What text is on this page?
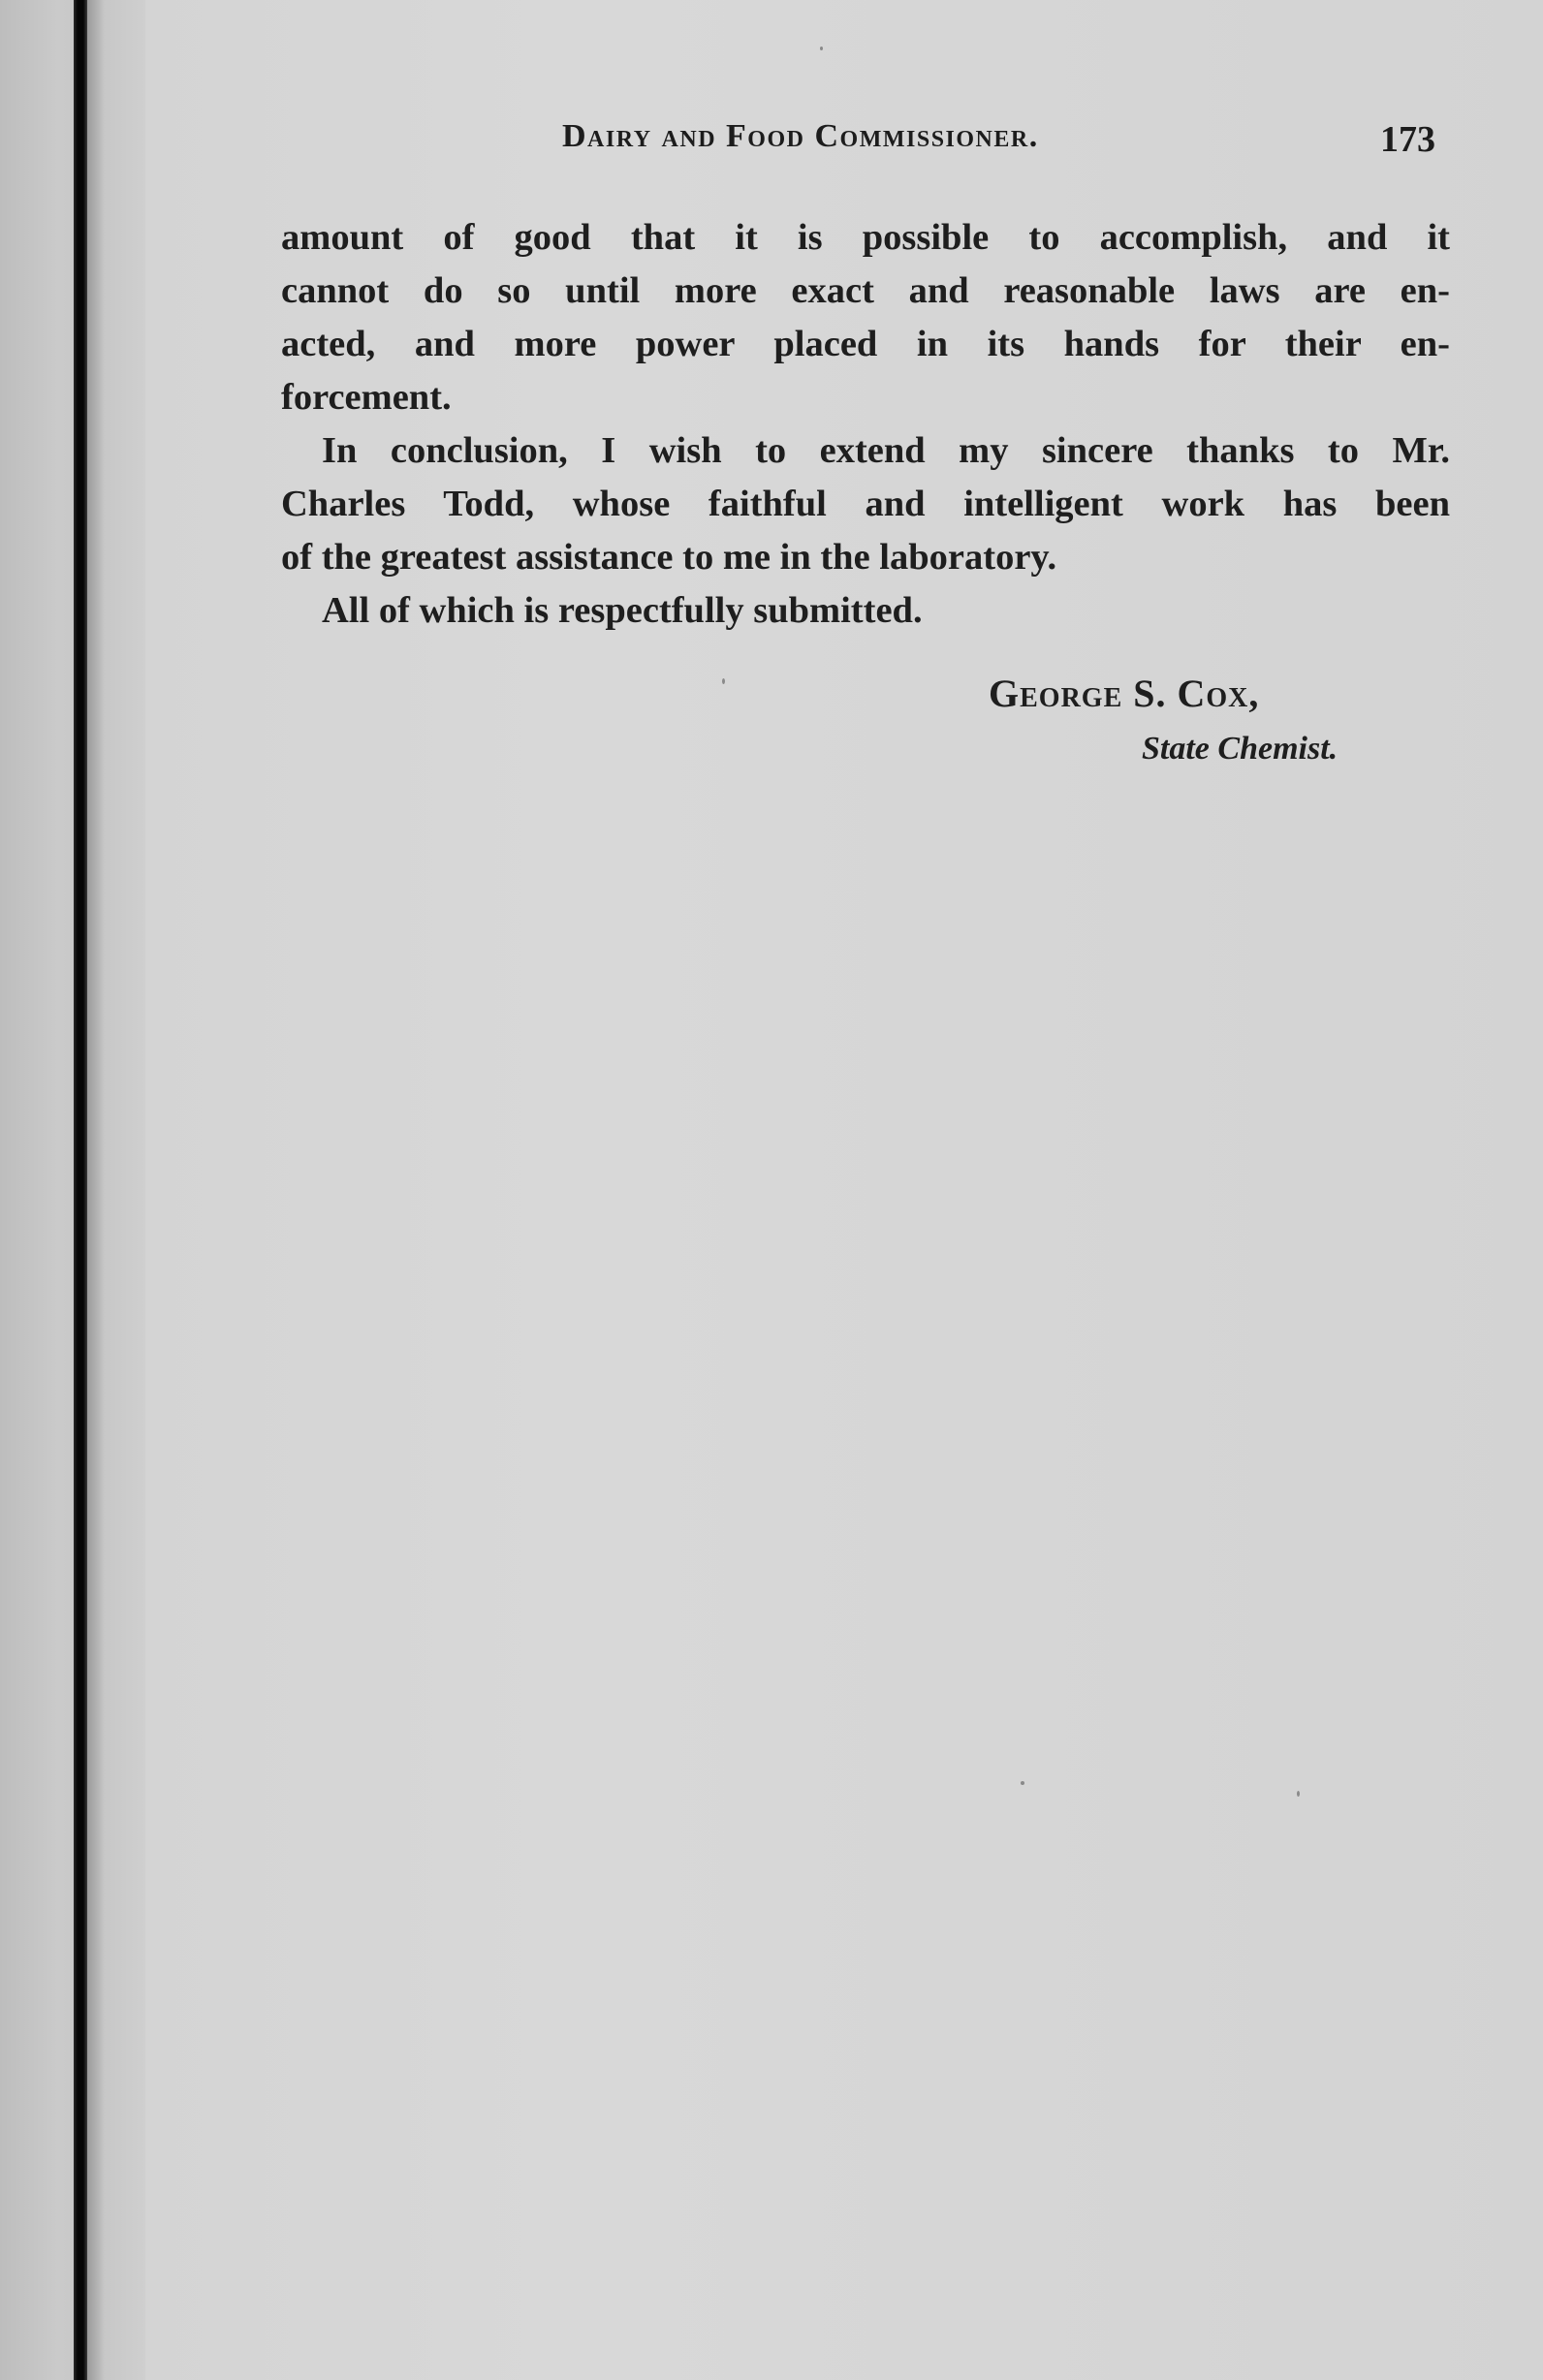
Dairy and Food Commissioner.	173
amount of good that it is possible to accomplish, and it
cannot do so until more exact and reasonable laws are en-
acted, and more power placed in its hands for their en-
forcement.
In conclusion, I wish to extend my sincere thanks to Mr.
Charles Todd, whose faithful and intelligent work has been
of the greatest assistance to me in the laboratory.
All of which is respectfully submitted.
George S. Cox,
State Chemist.
